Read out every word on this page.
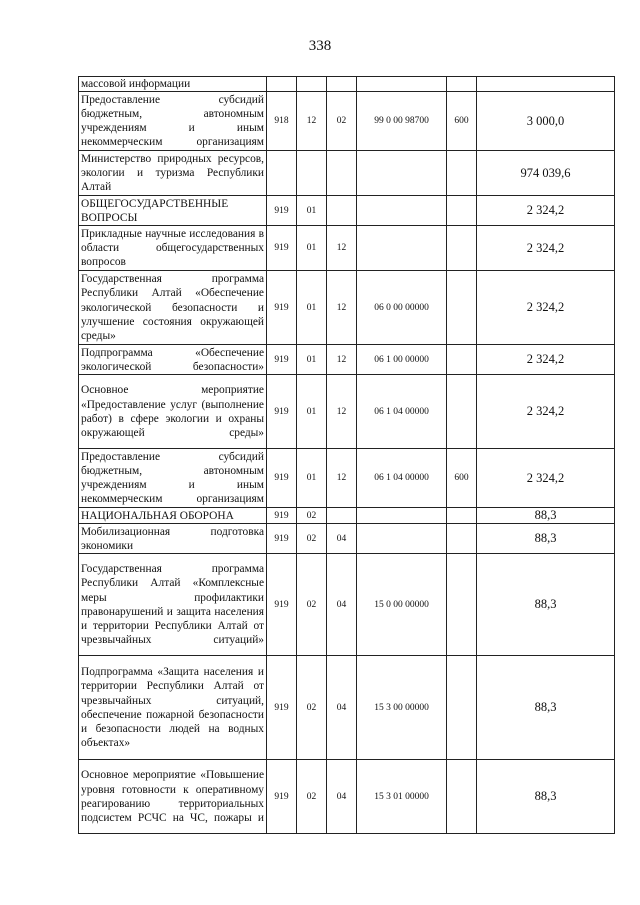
338
массовой информации						
Предоставление субсидий бюджетным, автономным учреждениям и иным некоммерческим организациям	918	12	02	99 0 00 98700	600	3 000,0
Министерство природных ресурсов, экологии и туризма Республики Алтай						974 039,6
ОБЩЕГОСУДАРСТВЕННЫЕ ВОПРОСЫ	919	01				2 324,2
Прикладные научные исследования в области общегосударственных вопросов	919	01	12			2 324,2
Государственная программа Республики Алтай «Обеспечение экологической безопасности и улучшение состояния окружающей среды»	919	01	12	06 0 00 00000		2 324,2
Подпрограмма «Обеспечение экологической безопасности»	919	01	12	06 1 00 00000		2 324,2
Основное мероприятие «Предоставление услуг (выполнение работ) в сфере экологии и охраны окружающей среды»	919	01	12	06 1 04 00000		2 324,2
Предоставление субсидий бюджетным, автономным учреждениям и иным некоммерческим организациям	919	01	12	06 1 04 00000	600	2 324,2
НАЦИОНАЛЬНАЯ ОБОРОНА	919	02				88,3
Мобилизационная подготовка экономики	919	02	04			88,3
Государственная программа Республики Алтай «Комплексные меры профилактики правонарушений и защита населения и территории Республики Алтай от чрезвычайных ситуаций»	919	02	04	15 0 00 00000		88,3
Подпрограмма «Защита населения и территории Республики Алтай от чрезвычайных ситуаций, обеспечение пожарной безопасности и безопасности людей на водных объектах»	919	02	04	15 3 00 00000		88,3
Основное мероприятие «Повышение уровня готовности к оперативному реагированию территориальных подсистем РСЧС на ЧС, пожары и	919	02	04	15 3 01 00000		88,3
